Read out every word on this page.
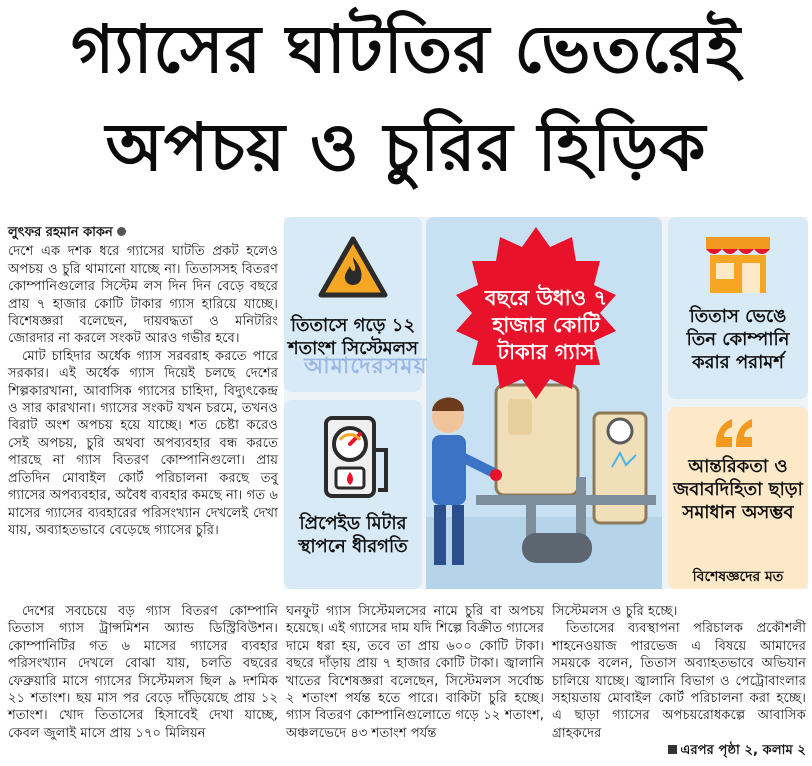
গ্যাসের ঘাটতির ভেতরেই
অপচয় ও চুরির হিড়িক
লুৎফর রহমান কাকন

দেশে এক দশক ধরে গ্যাসের ঘাটতি প্রকট হলেও অপচয় ও চুরি থামানো যাচ্ছে না। তিতাসসহ বিতরণ কোম্পানিগুলোর সিস্টেম লস দিন দিন বেড়ে বছরে প্রায় ৭ হাজার কোটি টাকার গ্যাস হারিয়ে যাচ্ছে। বিশেষজ্ঞরা বলেছেন, দায়বদ্ধতা ও মনিটরিং জোরদার না করলে সংকট আরও গভীর হবে।

মোট চাহিদার অর্ধেক গ্যাস সরবরাহ করতে পারে সরকার। এই অর্ধেক গ্যাস দিয়েই চলছে দেশের শিল্পকারখানা, আবাসিক গ্যাসের চাহিদা, বিদ্যুৎকেন্দ্র ও সার কারখানা। গ্যাসের সংকট যখন চরমে, তখনও বিরাট অংশ অপচয় হয়ে যাচ্ছে। শত চেষ্টা করেও সেই অপচয়, চুরি অথবা অপব্যবহার বন্ধ করতে পারছে না গ্যাস বিতরণ কোম্পানিগুলো। প্রায় প্রতিদিন মোবাইল কোর্ট পরিচালনা করছে তবু গ্যাসের অপব্যবহার, অবৈধ ব্যবহার কমছে না। গত ৬ মাসের গ্যাসের ব্যবহারের পরিসংখ্যান দেখলেই দেখা যায়, অব্যাহতভাবে বেড়েছে গ্যাসের চুরি।

তিতাসে গড়ে ১২ শতাংশ সিস্টেমলস
প্রিপেইড মিটার স্থাপনে ধীরগতি
তিতাস ভেঙে তিন কোম্পানি করার পরামর্শ
আন্তরিকতা ও জবাবদিহিতা ছাড়া সমাধান অসম্ভব
বিশেষজ্ঞদের মত
বছরে উধাও ৭ হাজার কোটি টাকার গ্যাস
আমাদেরসময়

দেশের সবচেয়ে বড় গ্যাস বিতরণ কোম্পানি তিতাস গ্যাস ট্রান্সমিশন অ্যান্ড ডিস্ট্রিবিউশন। কোম্পানিটির গত ৬ মাসের গ্যাসের ব্যবহার পরিসংখ্যান দেখলে বোঝা যায়, চলতি বছরের ফেব্রুয়ারি মাসে গ্যাসের সিস্টেমলস ছিল ৯ দশমিক ২১ শতাংশ। ছয় মাস পর বেড়ে দাঁড়িয়েছে প্রায় ১২ শতাংশ। খোদ তিতাসের হিসাবেই দেখা যাচ্ছে, কেবল জুলাই মাসে প্রায় ১৭০ মিলিয়ন

ঘনফুট গ্যাস সিস্টেমলসের নামে চুরি বা অপচয় হয়েছে। এই গ্যাসের দাম যদি শিল্পে বিক্রীত গ্যাসের দামে ধরা হয়, তবে তা প্রায় ৬০০ কোটি টাকা। বছরে দাঁড়ায় প্রায় ৭ হাজার কোটি টাকা। জ্বালানি খাতের বিশেষজ্ঞরা বলেছেন, সিস্টেমলস সর্বোচ্চ ২ শতাংশ পর্যন্ত হতে পারে। বাকিটা চুরি হচ্ছে। গ্যাস বিতরণ কোম্পানিগুলোতে গড়ে ১২ শতাংশ, অঞ্চলভেদে ৪৩ শতাংশ পর্যন্ত

সিস্টেমলস ও চুরি হচ্ছে।

তিতাসের ব্যবস্থাপনা পরিচালক প্রকৌশলী শাহনেওয়াজ পারভেজ এ বিষয়ে আমাদের সময়কে বলেন, তিতাস অব্যাহতভাবে অভিযান চালিয়ে যাচ্ছে। জ্বালানি বিভাগ ও পেট্রোবাংলার সহায়তায় মোবাইল কোর্ট পরিচালনা করা হচ্ছে। এ ছাড়া গ্যাসের অপচয়রোধকল্পে আবাসিক গ্রাহকদের

এরপর পৃষ্ঠা ২, কলাম ২
